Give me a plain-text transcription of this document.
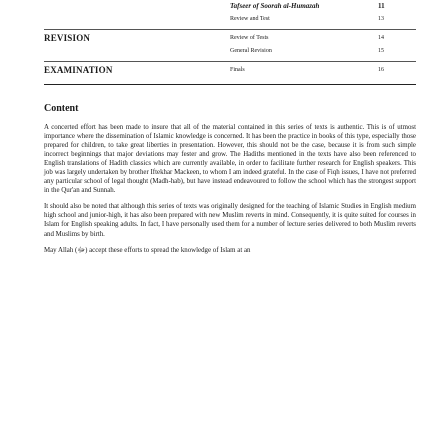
Tafseer of Soorah al-Humazah	11
Review and Test	13
REVISION	Review of Tests	14
General Revision	15
EXAMINATION	Finals	16
Content

A concerted effort has been made to insure that all of the material contained in this series of texts is authentic. This is of utmost importance where the dissemination of Islamic knowledge is concerned. It has been the practice in books of this type, especially those prepared for children, to take great liberties in presentation. However, this should not be the case, because it is from such simple incorrect beginnings that major deviations may fester and grow. The Hadiths mentioned in the texts have also been referenced to English translations of Hadith classics which are currently available, in order to facilitate further research for English speakers. This job was largely undertaken by brother Iftekhar Mackeen, to whom I am indeed grateful. In the case of Fiqh issues, I have not preferred any particular school of legal thought (Madh-hab), but have instead endeavoured to follow the school which has the strongest support in the Qur'an and Sunnah.

It should also be noted that although this series of texts was originally designed for the teaching of Islamic Studies in English medium high school and junior-high, it has also been prepared with new Muslim reverts in mind. Consequently, it is quite suited for courses in Islam for English speaking adults. In fact, I have personally used them for a number of lecture series delivered to both Muslim reverts and Muslims by birth.

May Allah (ﷻ) accept these efforts to spread the knowledge of Islam at an
